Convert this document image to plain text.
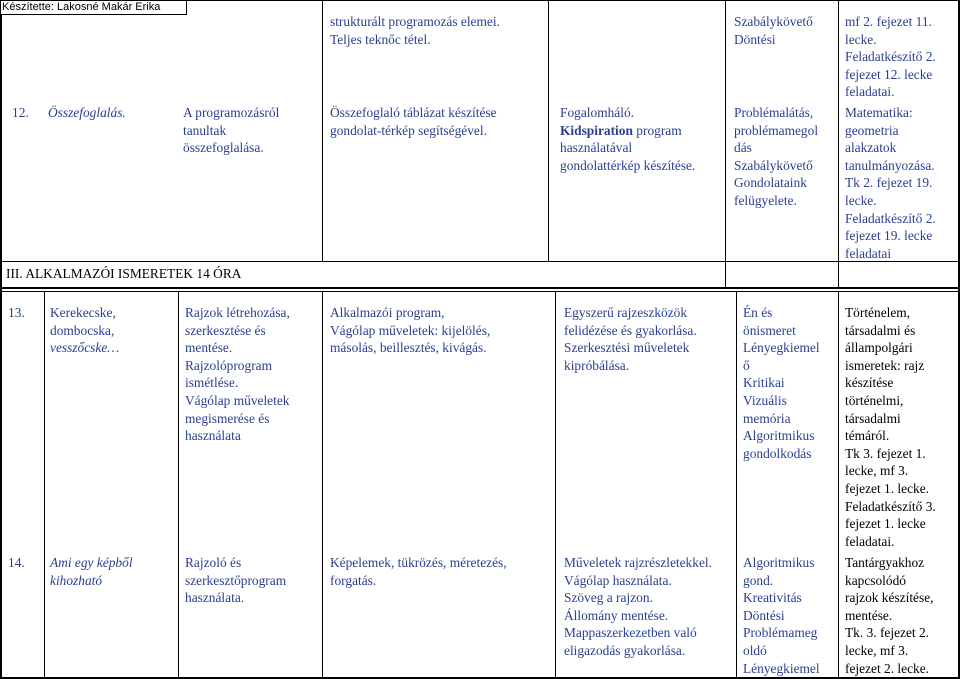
Készítette: Lakosné Makár Erika
strukturált programozás elemei.
Teljes teknőc tétel.
Szabálykövető
Döntési
mf 2. fejezet 11.
lecke.
Feladatkészítő 2.
fejezet 12. lecke
feladatai.
12. Összefoglalás.	A programozásról
tanultak
összefoglalása.
Összefoglaló táblázat készítése
gondolat-térkép segítségével.
Fogalomháló.
Kidspiration program
használatával
gondolattérkép készítése.
Problémalátás,
problémamegol
dás
Szabálykövető
Gondolataink
felügyelete.
Matematika:
geometria
alakzatok
tanulmányozása.
Tk 2. fejezet 19.
lecke.
Feladatkészítő 2.
fejezet 19. lecke
feladatai
III. ALKALMAZÓI ISMERETEK 14 ÓRA
13. Kerekecske,
dombocska,
vesszőcske…
Rajzok létrehozása,
szerkesztése és
mentése.
Rajzolóprogram
ismétlése.
Vágólap műveletek
megismerése és
használata
Alkalmazói program,
Vágólap műveletek: kijelölés,
másolás, beillesztés, kivágás.
Egyszerű rajzeszközök
felidézése és gyakorlása.
Szerkesztési műveletek
kipróbálása.
Én és
önismeret
Lényegkiemel
ő
Kritikai
Vizuális
memória
Algoritmikus
gondolkodás
Történelem,
társadalmi és
állampolgári
ismeretek: rajz
készítése
történelmi,
társadalmi
témáról.
Tk 3. fejezet 1.
lecke, mf 3.
fejezet 1. lecke.
Feladatkészítő 3.
fejezet 1. lecke
feladatai.
14. Ami egy képből
kihozható
Rajzoló és
szerkesztőprogram
használata.
Képelemek, tükrözés, méretezés,
forgatás.
Műveletek rajzrészletekkel.
Vágólap használata.
Szöveg a rajzon.
Állomány mentése.
Mappaszerkezetben való
eligazodás gyakorlása.
Algoritmikus
gond.
Kreativitás
Döntési
Problémameg
oldó
Lényegkiemel
Tantárgyakhoz
kapcsolódó
rajzok készítése,
mentése.
Tk. 3. fejezet 2.
lecke, mf 3.
fejezet 2. lecke.
